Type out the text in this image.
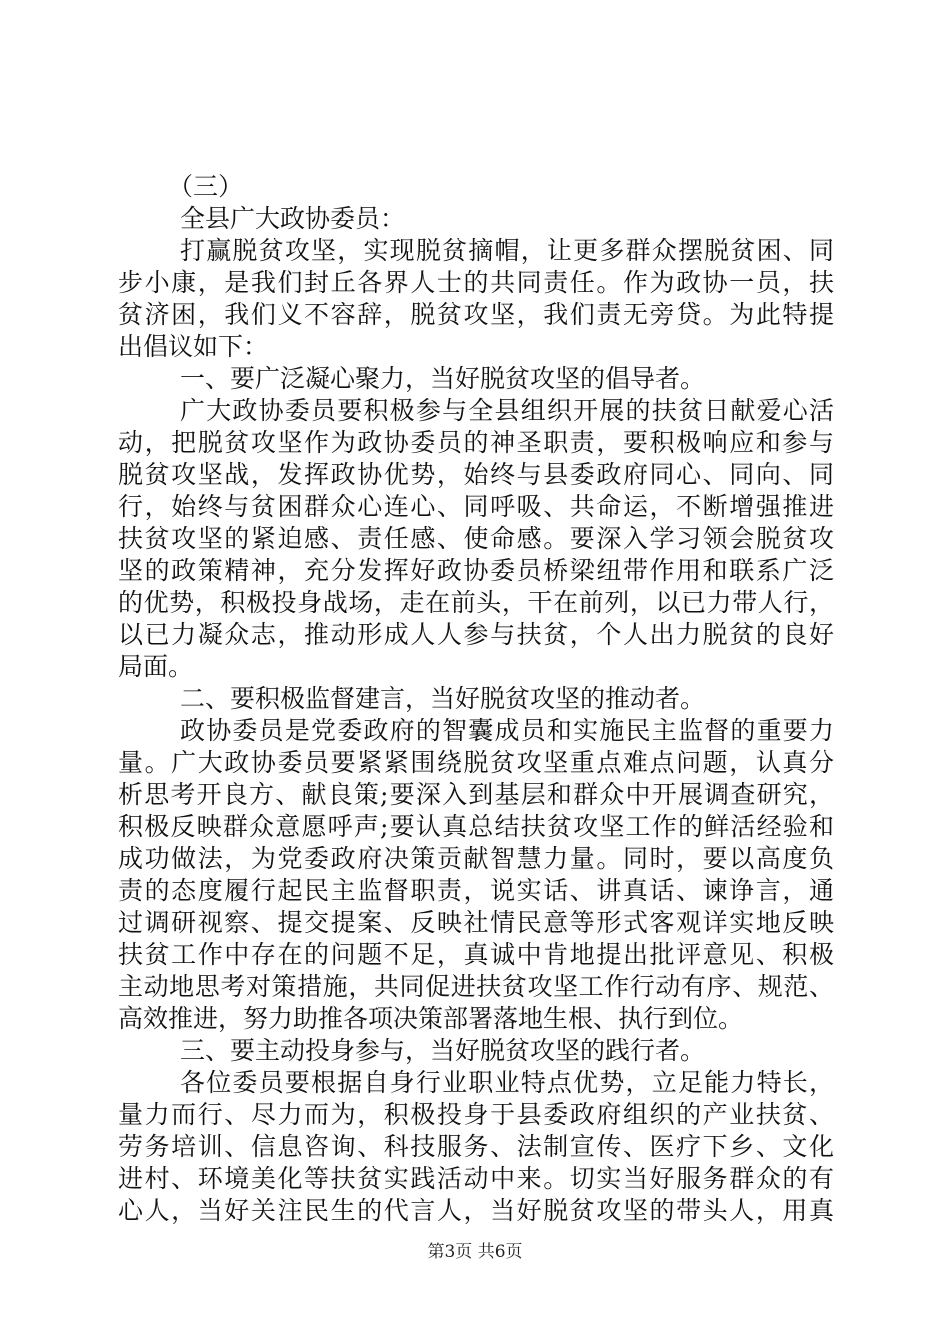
（三）

全县广大政协委员：

打赢脱贫攻坚，实现脱贫摘帽，让更多群众摆脱贫困、同

步小康，是我们封丘各界人士的共同责任。作为政协一员，扶

贫济困，我们义不容辞，脱贫攻坚，我们责无旁贷。为此特提

出倡议如下：

一、要广泛凝心聚力，当好脱贫攻坚的倡导者。

广大政协委员要积极参与全县组织开展的扶贫日献爱心活

动，把脱贫攻坚作为政协委员的神圣职责，要积极响应和参与

脱贫攻坚战，发挥政协优势，始终与县委政府同心、同向、同

行，始终与贫困群众心连心、同呼吸、共命运，不断增强推进

扶贫攻坚的紧迫感、责任感、使命感。要深入学习领会脱贫攻

坚的政策精神，充分发挥好政协委员桥梁纽带作用和联系广泛

的优势，积极投身战场，走在前头，干在前列，以已力带人行，

以已力凝众志，推动形成人人参与扶贫，个人出力脱贫的良好

局面。

二、要积极监督建言，当好脱贫攻坚的推动者。

政协委员是党委政府的智囊成员和实施民主监督的重要力

量。广大政协委员要紧紧围绕脱贫攻坚重点难点问题，认真分

析思考开良方、献良策;要深入到基层和群众中开展调查研究，

积极反映群众意愿呼声;要认真总结扶贫攻坚工作的鲜活经验和

成功做法，为党委政府决策贡献智慧力量。同时，要以高度负

责的态度履行起民主监督职责，说实话、讲真话、谏诤言，通

过调研视察、提交提案、反映社情民意等形式客观详实地反映

扶贫工作中存在的问题不足，真诚中肯地提出批评意见、积极

主动地思考对策措施，共同促进扶贫攻坚工作行动有序、规范、

高效推进，努力助推各项决策部署落地生根、执行到位。

三、要主动投身参与，当好脱贫攻坚的践行者。

各位委员要根据自身行业职业特点优势，立足能力特长，

量力而行、尽力而为，积极投身于县委政府组织的产业扶贫、

劳务培训、信息咨询、科技服务、法制宣传、医疗下乡、文化

进村、环境美化等扶贫实践活动中来。切实当好服务群众的有

心人，当好关注民生的代言人，当好脱贫攻坚的带头人，用真

第3页 共6页
